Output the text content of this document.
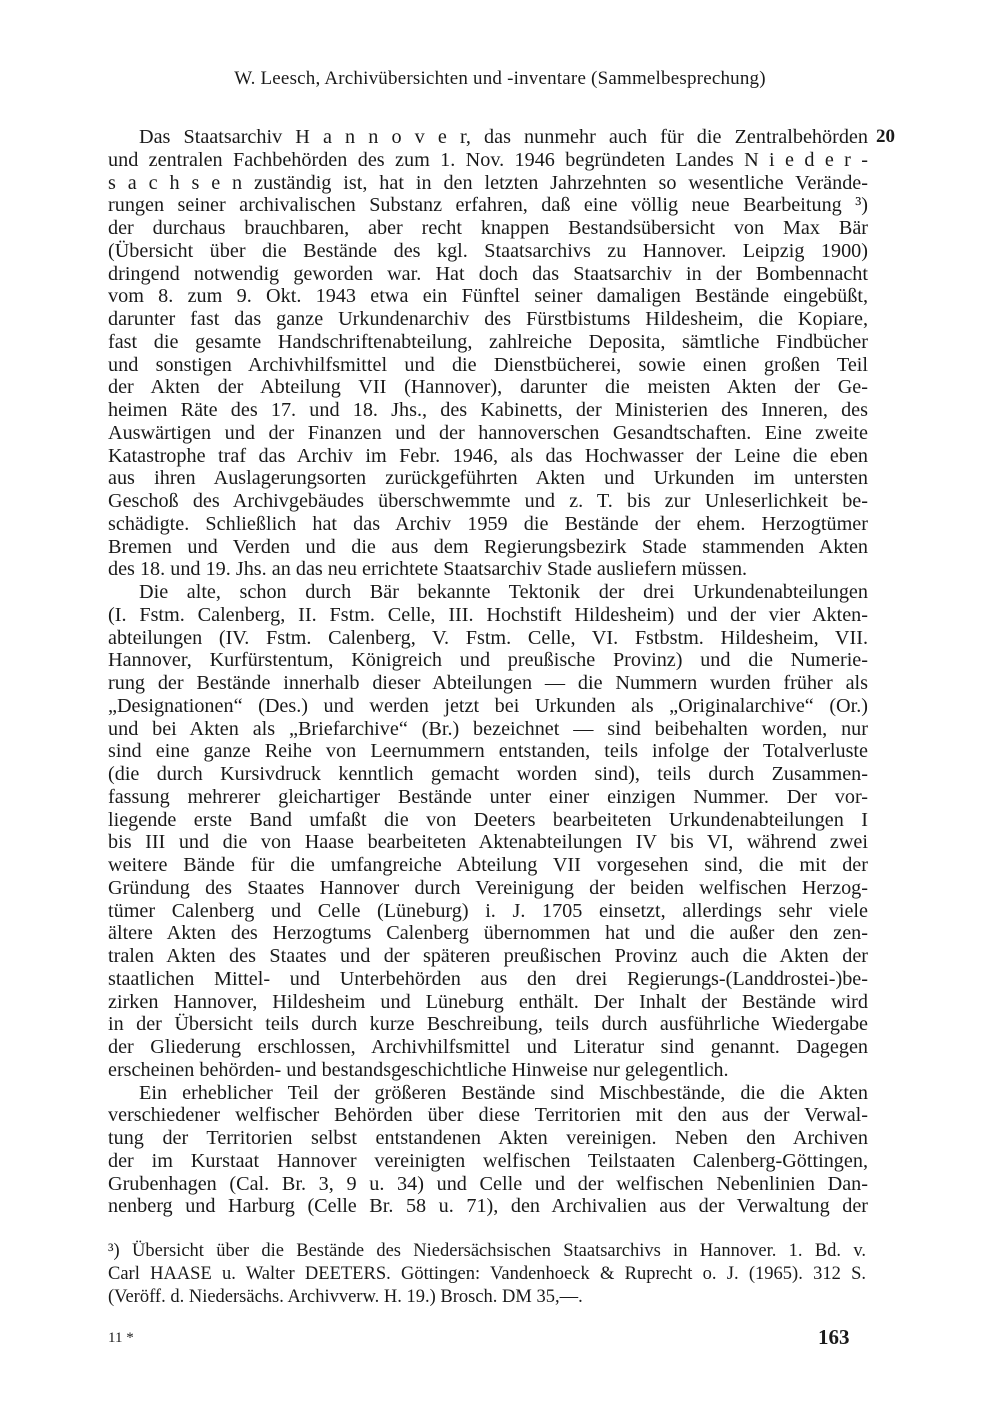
W. Leesch, Archivübersichten und -inventare (Sammelbesprechung)
20
Das Staatsarchiv H a n n o v e r, das nunmehr auch für die Zentralbehörden
und zentralen Fachbehörden des zum 1. Nov. 1946 begründeten Landes N i e d e r -
s a c h s e n zuständig ist, hat in den letzten Jahrzehnten so wesentliche Verände-
rungen seiner archivalischen Substanz erfahren, daß eine völlig neue Bearbeitung ³)
der durchaus brauchbaren, aber recht knappen Bestandsübersicht von Max Bär
(Übersicht über die Bestände des kgl. Staatsarchivs zu Hannover. Leipzig 1900)
dringend notwendig geworden war. Hat doch das Staatsarchiv in der Bombennacht
vom 8. zum 9. Okt. 1943 etwa ein Fünftel seiner damaligen Bestände eingebüßt,
darunter fast das ganze Urkundenarchiv des Fürstbistums Hildesheim, die Kopiare,
fast die gesamte Handschriftenabteilung, zahlreiche Deposita, sämtliche Findbücher
und sonstigen Archivhilfsmittel und die Dienstbücherei, sowie einen großen Teil
der Akten der Abteilung VII (Hannover), darunter die meisten Akten der Ge-
heimen Räte des 17. und 18. Jhs., des Kabinetts, der Ministerien des Inneren, des
Auswärtigen und der Finanzen und der hannoverschen Gesandtschaften. Eine zweite
Katastrophe traf das Archiv im Febr. 1946, als das Hochwasser der Leine die eben
aus ihren Auslagerungsorten zurückgeführten Akten und Urkunden im untersten
Geschoß des Archivgebäudes überschwemmte und z. T. bis zur Unleserlichkeit be-
schädigte. Schließlich hat das Archiv 1959 die Bestände der ehem. Herzogtümer
Bremen und Verden und die aus dem Regierungsbezirk Stade stammenden Akten
des 18. und 19. Jhs. an das neu errichtete Staatsarchiv Stade ausliefern müssen.
Die alte, schon durch Bär bekannte Tektonik der drei Urkundenabteilungen
(I. Fstm. Calenberg, II. Fstm. Celle, III. Hochstift Hildesheim) und der vier Akten-
abteilungen (IV. Fstm. Calenberg, V. Fstm. Celle, VI. Fstbstm. Hildesheim, VII.
Hannover, Kurfürstentum, Königreich und preußische Provinz) und die Numerie-
rung der Bestände innerhalb dieser Abteilungen — die Nummern wurden früher als
„Designationen“ (Des.) und werden jetzt bei Urkunden als „Originalarchive“ (Or.)
und bei Akten als „Briefarchive“ (Br.) bezeichnet — sind beibehalten worden, nur
sind eine ganze Reihe von Leernummern entstanden, teils infolge der Totalverluste
(die durch Kursivdruck kenntlich gemacht worden sind), teils durch Zusammen-
fassung mehrerer gleichartiger Bestände unter einer einzigen Nummer. Der vor-
liegende erste Band umfaßt die von Deeters bearbeiteten Urkundenabteilungen I
bis III und die von Haase bearbeiteten Aktenabteilungen IV bis VI, während zwei
weitere Bände für die umfangreiche Abteilung VII vorgesehen sind, die mit der
Gründung des Staates Hannover durch Vereinigung der beiden welfischen Herzog-
tümer Calenberg und Celle (Lüneburg) i. J. 1705 einsetzt, allerdings sehr viele
ältere Akten des Herzogtums Calenberg übernommen hat und die außer den zen-
tralen Akten des Staates und der späteren preußischen Provinz auch die Akten der
staatlichen Mittel- und Unterbehörden aus den drei Regierungs-(Landdrostei-)be-
zirken Hannover, Hildesheim und Lüneburg enthält. Der Inhalt der Bestände wird
in der Übersicht teils durch kurze Beschreibung, teils durch ausführliche Wiedergabe
der Gliederung erschlossen, Archivhilfsmittel und Literatur sind genannt. Dagegen
erscheinen behörden- und bestandsgeschichtliche Hinweise nur gelegentlich.
Ein erheblicher Teil der größeren Bestände sind Mischbestände, die die Akten
verschiedener welfischer Behörden über diese Territorien mit den aus der Verwal-
tung der Territorien selbst entstandenen Akten vereinigen. Neben den Archiven
der im Kurstaat Hannover vereinigten welfischen Teilstaaten Calenberg-Göttingen,
Grubenhagen (Cal. Br. 3, 9 u. 34) und Celle und der welfischen Nebenlinien Dan-
nenberg und Harburg (Celle Br. 58 u. 71), den Archivalien aus der Verwaltung der
³) Übersicht über die Bestände des Niedersächsischen Staatsarchivs in Hannover. 1. Bd. v.
Carl HAASE u. Walter DEETERS. Göttingen: Vandenhoeck & Ruprecht o. J. (1965). 312 S.
(Veröff. d. Niedersächs. Archivverw. H. 19.) Brosch. DM 35,—.
11 *	163
